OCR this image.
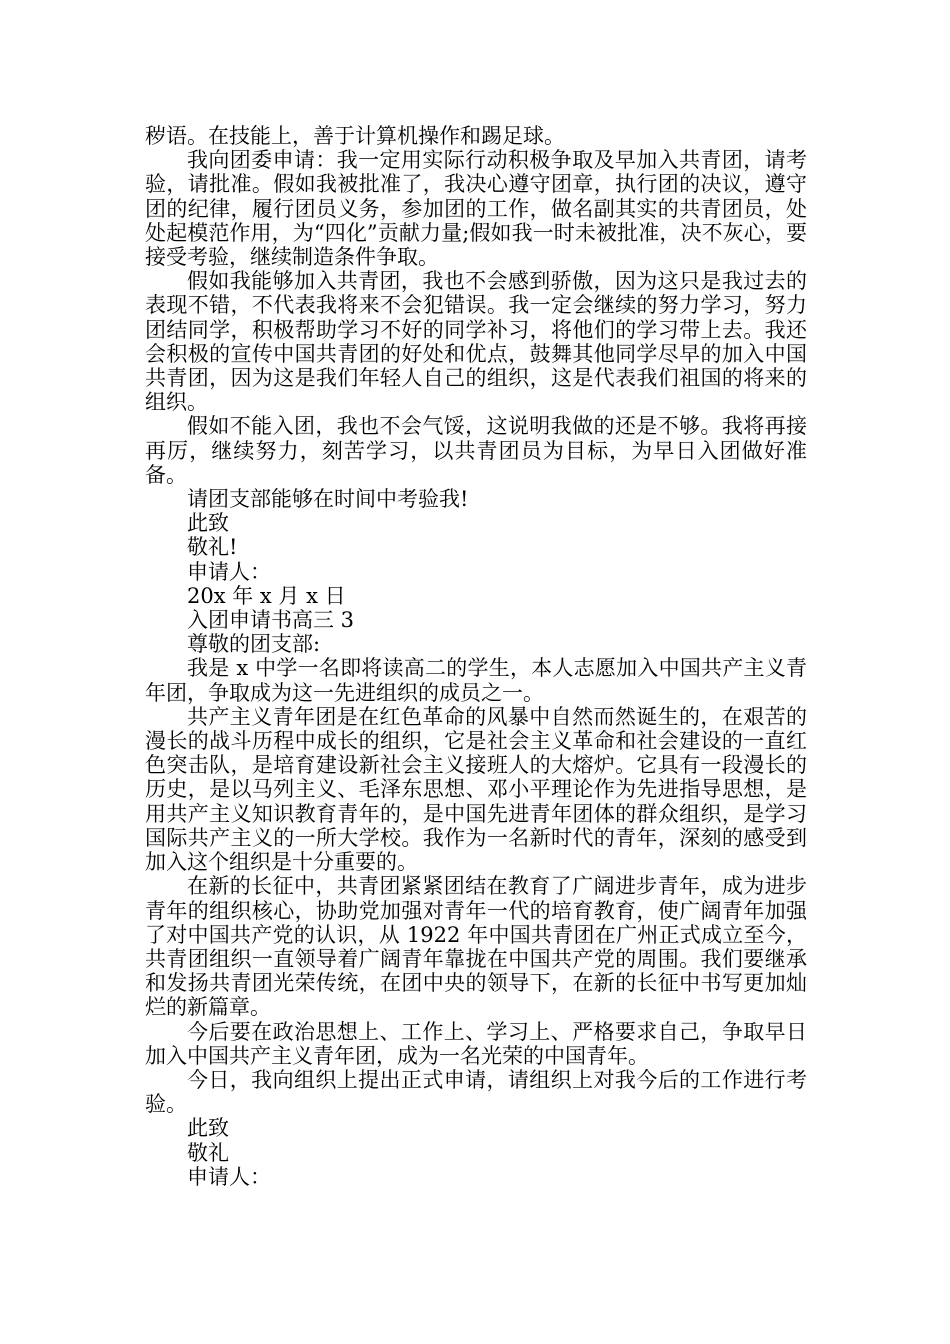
秽语。在技能上，善于计算机操作和踢足球。

我向团委申请：我一定用实际行动积极争取及早加入共青团，请考验，请批准。假如我被批准了，我决心遵守团章，执行团的决议，遵守团的纪律，履行团员义务，参加团的工作，做名副其实的共青团员，处处起模范作用，为“四化”贡献力量;假如我一时未被批准，决不灰心，要接受考验，继续制造条件争取。

假如我能够加入共青团，我也不会感到骄傲，因为这只是我过去的表现不错，不代表我将来不会犯错误。我一定会继续的努力学习，努力团结同学，积极帮助学习不好的同学补习，将他们的学习带上去。我还会积极的宣传中国共青团的好处和优点，鼓舞其他同学尽早的加入中国共青团，因为这是我们年轻人自己的组织，这是代表我们祖国的将来的组织。

假如不能入团，我也不会气馁，这说明我做的还是不够。我将再接再厉，继续努力，刻苦学习，以共青团员为目标，为早日入团做好准备。

请团支部能够在时间中考验我!

此致

敬礼!

申请人：

20x 年 x 月 x 日

入团申请书高三 3

尊敬的团支部:

我是 x 中学一名即将读高二的学生，本人志愿加入中国共产主义青年团，争取成为这一先进组织的成员之一。

共产主义青年团是在红色革命的风暴中自然而然诞生的，在艰苦的漫长的战斗历程中成长的组织，它是社会主义革命和社会建设的一直红色突击队，是培育建设新社会主义接班人的大熔炉。它具有一段漫长的历史，是以马列主义、毛泽东思想、邓小平理论作为先进指导思想，是用共产主义知识教育青年的，是中国先进青年团体的群众组织，是学习国际共产主义的一所大学校。我作为一名新时代的青年，深刻的感受到加入这个组织是十分重要的。

在新的长征中，共青团紧紧团结在教育了广阔进步青年，成为进步青年的组织核心，协助党加强对青年一代的培育教育，使广阔青年加强了对中国共产党的认识，从 1922 年中国共青团在广州正式成立至今，共青团组织一直领导着广阔青年靠拢在中国共产党的周围。我们要继承和发扬共青团光荣传统，在团中央的领导下，在新的长征中书写更加灿烂的新篇章。

今后要在政治思想上、工作上、学习上、严格要求自己，争取早日加入中国共产主义青年团，成为一名光荣的中国青年。

今日，我向组织上提出正式申请，请组织上对我今后的工作进行考验。

此致

敬礼

申请人：
